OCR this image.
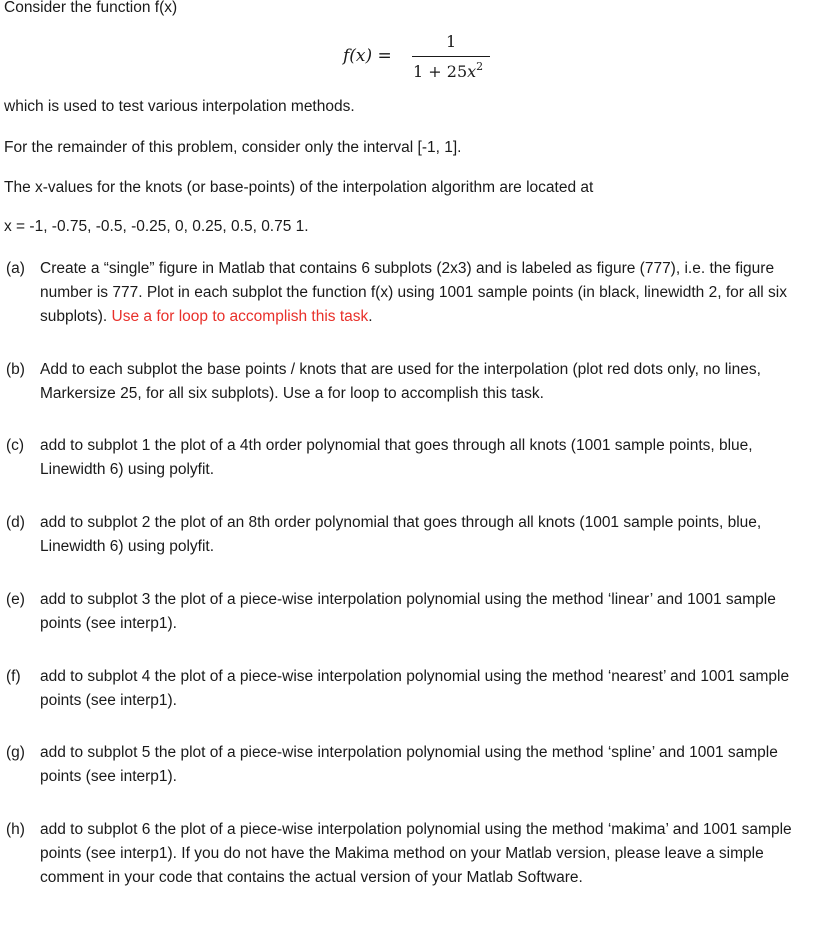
Consider the function f(x)
f(x) =
1
$1 + 25x^2$
which is used to test various interpolation methods.
For the remainder of this problem, consider only the interval [-1, 1].
The x-values for the knots (or base-points) of the interpolation algorithm are located at
x = -1, -0.75, -0.5, -0.25, 0, 0.25, 0.5, 0.75 1.
(a) Create a “single” figure in Matlab that contains 6 subplots (2x3) and is labeled as figure (777), i.e. the figure number is 777. Plot in each subplot the function f(x) using 1001 sample points (in black, linewidth 2, for all six subplots). Use a for loop to accomplish this task.
(b) Add to each subplot the base points / knots that are used for the interpolation (plot red dots only, no lines, Markersize 25, for all six subplots). Use a for loop to accomplish this task.
(c) add to subplot 1 the plot of a 4th order polynomial that goes through all knots (1001 sample points, blue, Linewidth 6) using polyfit.
(d) add to subplot 2 the plot of an 8th order polynomial that goes through all knots (1001 sample points, blue, Linewidth 6) using polyfit.
(e) add to subplot 3 the plot of a piece-wise interpolation polynomial using the method ‘linear’ and 1001 sample points (see interp1).
(f) add to subplot 4 the plot of a piece-wise interpolation polynomial using the method ‘nearest’ and 1001 sample points (see interp1).
(g) add to subplot 5 the plot of a piece-wise interpolation polynomial using the method ‘spline’ and 1001 sample points (see interp1).
(h) add to subplot 6 the plot of a piece-wise interpolation polynomial using the method ‘makima’ and 1001 sample points (see interp1). If you do not have the Makima method on your Matlab version, please leave a simple comment in your code that contains the actual version of your Matlab Software.
